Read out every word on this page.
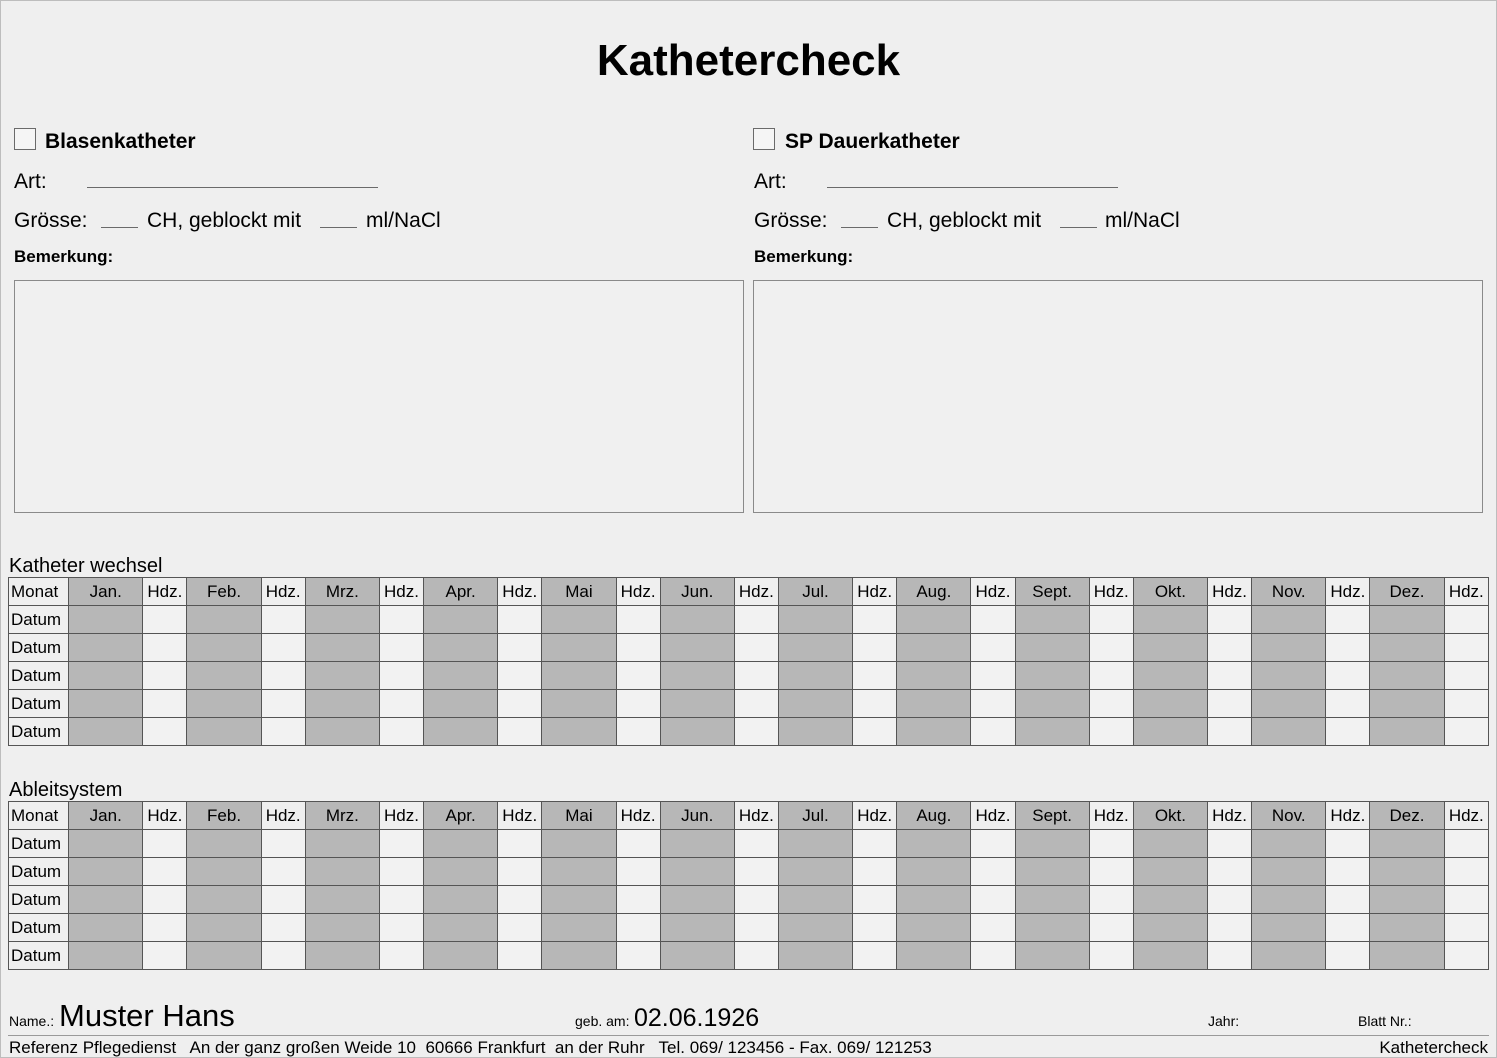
Kathetercheck
Blasenkatheter
Art:
Grösse:	CH, geblockt mit	ml/NaCl
Bemerkung:
SP Dauerkatheter
Art:
Grösse:	CH, geblockt mit	ml/NaCl
Bemerkung:
Katheter wechsel
Monat	Jan.	Hdz.	Feb.	Hdz.	Mrz.	Hdz.	Apr.	Hdz.	Mai	Hdz.	Jun.	Hdz.	Jul.	Hdz.	Aug.	Hdz.	Sept.	Hdz.	Okt.	Hdz.	Nov.	Hdz.	Dez.	Hdz.
Datum																								
Datum																								
Datum																								
Datum																								
Datum																								
Ableitsystem
Monat	Jan.	Hdz.	Feb.	Hdz.	Mrz.	Hdz.	Apr.	Hdz.	Mai	Hdz.	Jun.	Hdz.	Jul.	Hdz.	Aug.	Hdz.	Sept.	Hdz.	Okt.	Hdz.	Nov.	Hdz.	Dez.	Hdz.
Datum																								
Datum																								
Datum																								
Datum																								
Datum																								
Name.: Muster Hans	geb. am: 02.06.1926	Jahr:	Blatt Nr.:
Referenz Pflegedienst   An der ganz großen Weide 10  60666 Frankfurt  an der Ruhr   Tel. 069/ 123456 - Fax. 069/ 121253	Kathetercheck
